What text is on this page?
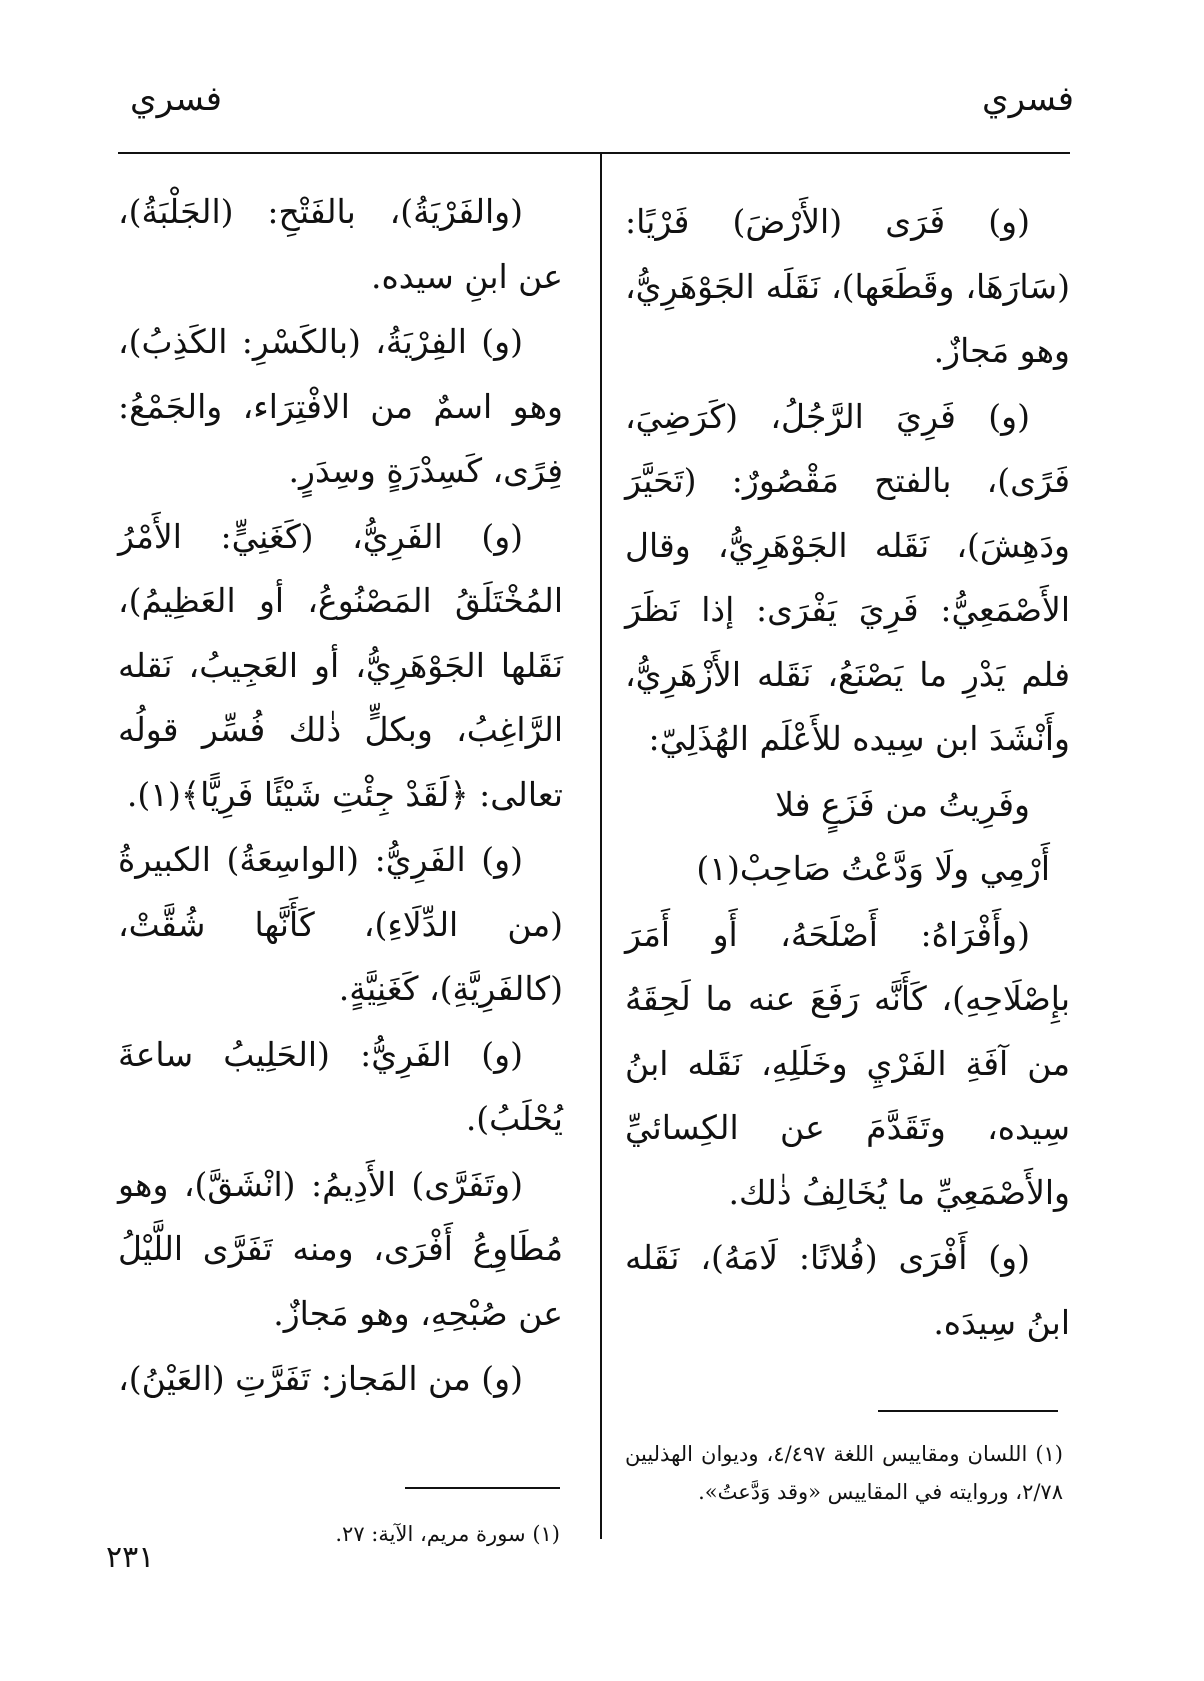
فسري	فسري

(و) فَرَى (الأَرْضَ) فَرْيًا: (سَارَهَا، وقَطَعَها)، نَقَلَه الجَوْهَرِيُّ، وهو مَجازٌ.

(و) فَرِيَ الرَّجُلُ، (كَرَضِيَ، فَرًى)، بالفتح مَقْصُورٌ: (تَحَيَّرَ ودَهِشَ)، نَقَله الجَوْهَرِيُّ، وقال الأَصْمَعِيُّ: فَرِيَ يَفْرَى: إذا نَظَرَ فلم يَدْرِ ما يَصْنَعُ، نَقَله الأَزْهَرِيُّ، وأَنْشَدَ ابن سِيده للأَعْلَم الهُذَلِيّ:

وفَرِيتُ من فَزَعٍ فلا
أَرْمِي ولَا وَدَّعْتُ صَاحِبْ(١)

(وأَفْرَاهُ: أَصْلَحَهُ، أَو أَمَرَ بإِصْلَاحِهِ)، كَأَنَّه رَفَعَ عنه ما لَحِقَهُ من آفَةِ الفَرْيِ وخَلَلِهِ، نَقَله ابنُ سِيده، وتَقَدَّمَ عن الكِسائيِّ والأَصْمَعِيِّ ما يُخَالِفُ ذٰلك.

(و) أَفْرَى (فُلانًا: لَامَهُ)، نَقَله ابنُ سِيدَه.

(والفَرْيَةُ)، بالفَتْحِ: (الجَلْبَةُ)، عن ابنِ سيده.

(و) الفِرْيَةُ، (بالكَسْرِ: الكَذِبُ)، وهو اسمٌ من الافْتِرَاء، والجَمْعُ: فِرًى، كَسِدْرَةٍ وسِدَرٍ.

(و) الفَرِيُّ، (كَغَنِيٍّ: الأَمْرُ المُخْتَلَقُ المَصْنُوعُ، أو العَظِيمُ)، نَقَلها الجَوْهَرِيُّ، أو العَجِيبُ، نَقله الرَّاغِبُ، وبكلٍّ ذٰلك فُسِّر قولُه تعالى: ﴿لَقَدْ جِئْتِ شَيْئًا فَرِيًّا﴾(١).

(و) الفَرِيُّ: (الواسِعَةُ) الكبيرةُ (من الدِّلَاءِ)، كَأَنَّها شُقَّتْ، (كالفَرِيَّةِ)، كَغَنِيَّةٍ.

(و) الفَرِيُّ: (الحَلِيبُ ساعةَ يُحْلَبُ).

(وتَفَرَّى) الأَدِيمُ: (انْشَقَّ)، وهو مُطَاوِعُ أَفْرَى، ومنه تَفَرَّى اللَّيْلُ عن صُبْحِهِ، وهو مَجازٌ.

(و) من المَجاز: تَفَرَّتِ (العَيْنُ)،

(١) اللسان ومقاييس اللغة ٤/٤٩٧، وديوان الهذليين ٢/٧٨، وروايته في المقاييس «وقد وَدَّعتُ».
(١) سورة مريم، الآية: ٢٧.
٢٣١
